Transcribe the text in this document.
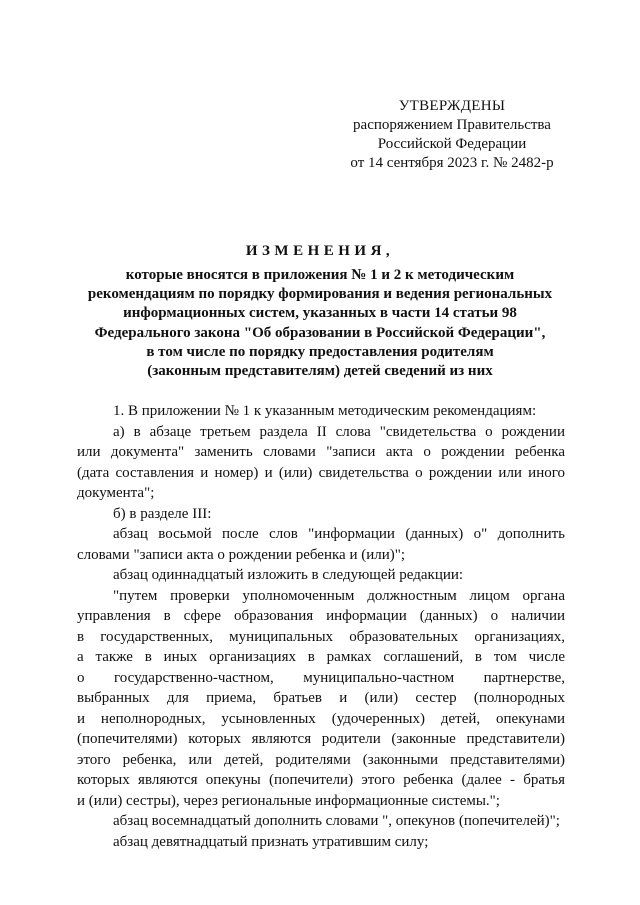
УТВЕРЖДЕНЫ
распоряжением Правительства
Российской Федерации
от 14 сентября 2023 г. № 2482-р
ИЗМЕНЕНИЯ,
которые вносятся в приложения № 1 и 2 к методическим
рекомендациям по порядку формирования и ведения региональных
информационных систем, указанных в части 14 статьи 98
Федерального закона "Об образовании в Российской Федерации",
в том числе по порядку предоставления родителям
(законным представителям) детей сведений из них
1. В приложении № 1 к указанным методическим рекомендациям:
а) в абзаце третьем раздела II слова "свидетельства о рождении
или документа" заменить словами "записи акта о рождении ребенка
(дата составления и номер) и (или) свидетельства о рождении или иного
документа";
б) в разделе III:
абзац восьмой после слов "информации (данных) о" дополнить
словами "записи акта о рождении ребенка и (или)";
абзац одиннадцатый изложить в следующей редакции:
"путем проверки уполномоченным должностным лицом органа
управления в сфере образования информации (данных) о наличии
в государственных, муниципальных образовательных организациях,
а также в иных организациях в рамках соглашений, в том числе
о государственно-частном, муниципально-частном партнерстве,
выбранных для приема, братьев и (или) сестер (полнородных
и неполнородных, усыновленных (удочеренных) детей, опекунами
(попечителями) которых являются родители (законные представители)
этого ребенка, или детей, родителями (законными представителями)
которых являются опекуны (попечители) этого ребенка (далее - братья
и (или) сестры), через региональные информационные системы.";
абзац восемнадцатый дополнить словами ", опекунов (попечителей)";
абзац девятнадцатый признать утратившим силу;
